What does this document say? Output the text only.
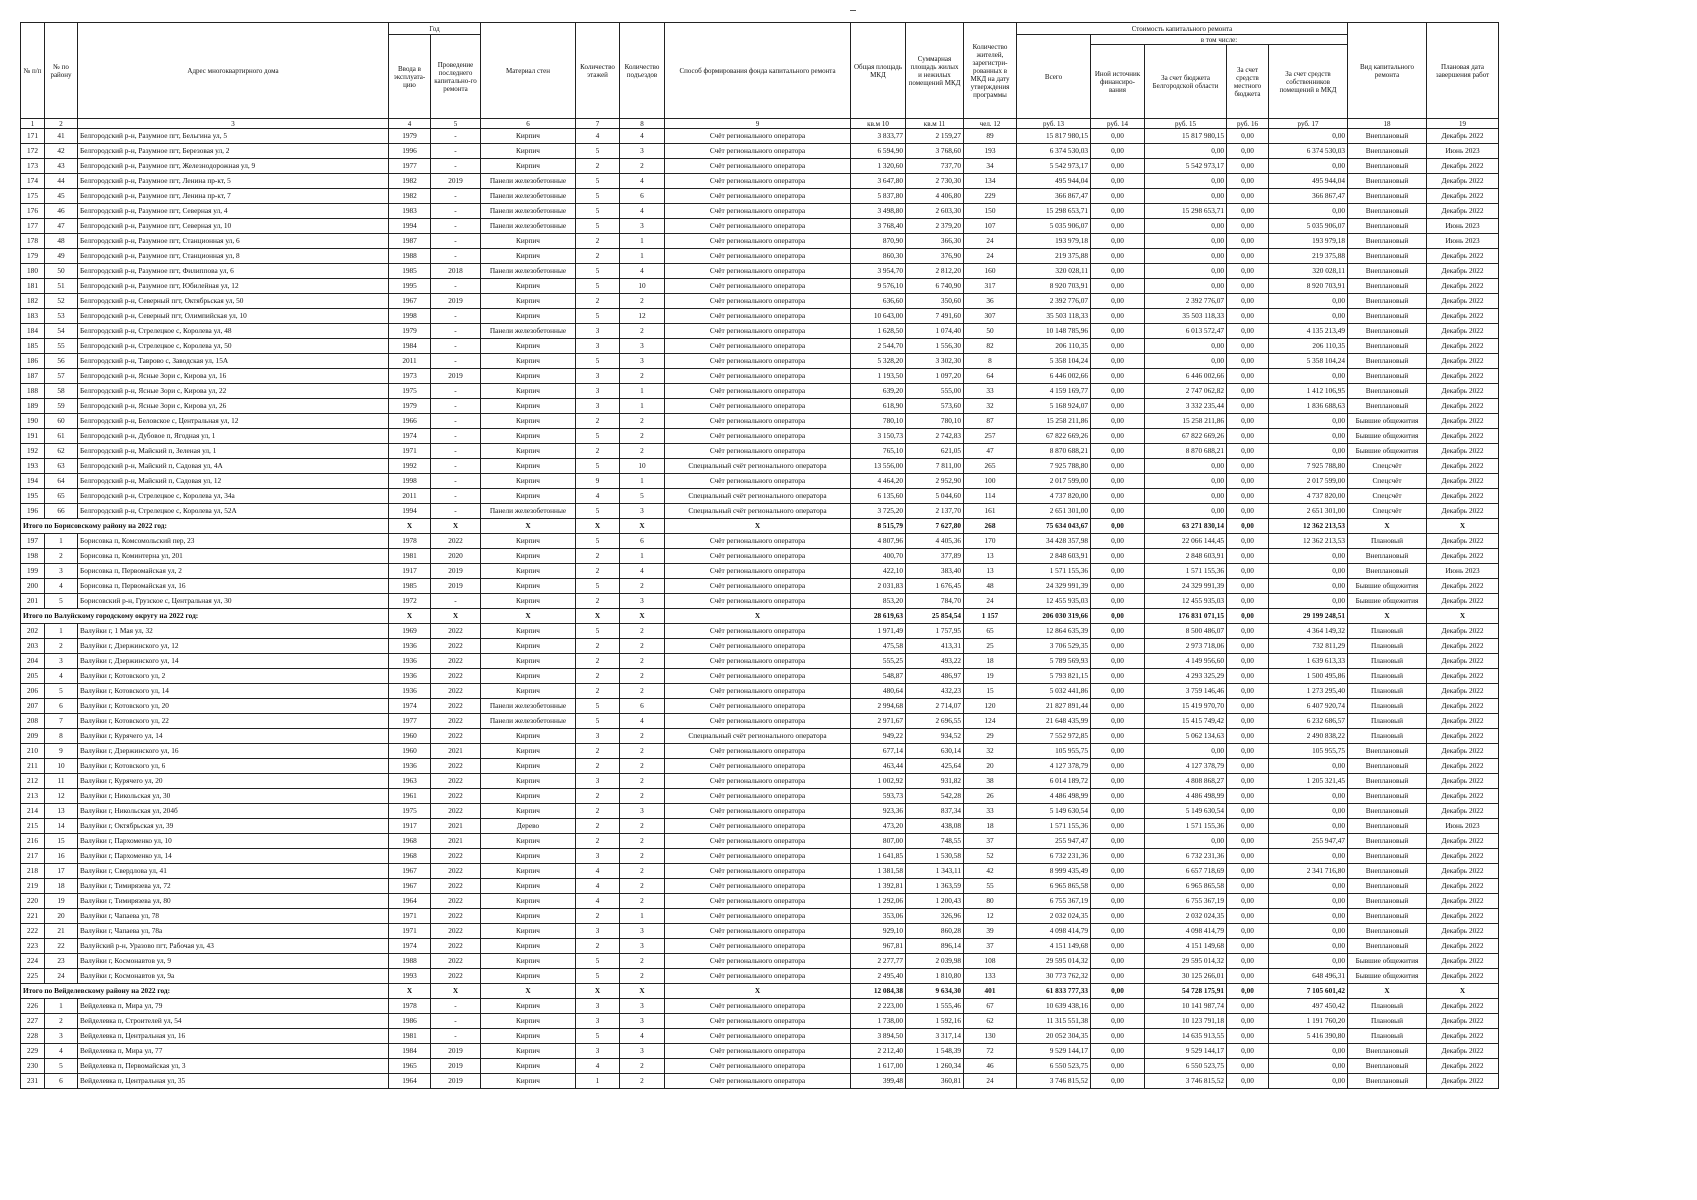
№ п/п	№ по району	Адрес многоквартирного дома	Год		Материал стен	Количество этажей	Количество подъездов	Способ формирования фонда капитального ремонта	Общая площадь МКД	Суммарная площадь жилых и нежилых помещений МКД	Количество жителей, зарегистри-рованных в МКД на дату утверждения программы	Стоимость капитального ремонта					Вид капитального ремонта	Плановая дата завершения работ
			Ввода в эксплуата-цию	Проведение последнего капитально-го ремонта								Всего	в том числе:					
													Иной источник финансиро-вания	За счет бюджета Белгородской области	За счет средств местного бюджета	За счет средств собственников помещений в МКД		
1	2	3	4	5	6	7	8	9	кв.м 10	кв.м 11	чел. 12	руб. 13	руб. 14	руб. 15	руб. 16	руб. 17	18	19
171	41	Белгородский р-н, Разумное пгт, Бельгина ул, 5	1979	-	Кирпич	4	4	Счёт регионального оператора	3 833,77	2 159,27	89	15 817 980,15	0,00	15 817 980,15	0,00	0,00	Внеплановый	Декабрь 2022
172	42	Белгородский р-н, Разумное пгт, Березовая ул, 2	1996	-	Кирпич	5	3	Счёт регионального оператора	6 594,90	3 768,60	193	6 374 530,03	0,00	0,00	0,00	6 374 530,03	Внеплановый	Июнь 2023
173	43	Белгородский р-н, Разумное пгт, Железнодорожная ул, 9	1977	-	Кирпич	2	2	Счёт регионального оператора	1 320,60	737,70	34	5 542 973,17	0,00	5 542 973,17	0,00	0,00	Внеплановый	Декабрь 2022
174	44	Белгородский р-н, Разумное пгт, Ленина пр-кт, 5	1982	2019	Панели железобетонные	5	4	Счёт регионального оператора	3 647,80	2 730,30	134	495 944,04	0,00	0,00	0,00	495 944,04	Внеплановый	Декабрь 2022
175	45	Белгородский р-н, Разумное пгт, Ленина пр-кт, 7	1982	-	Панели железобетонные	5	6	Счёт регионального оператора	5 837,80	4 406,80	229	366 867,47	0,00	0,00	0,00	366 867,47	Внеплановый	Декабрь 2022
176	46	Белгородский р-н, Разумное пгт, Северная ул, 4	1983	-	Панели железобетонные	5	4	Счёт регионального оператора	3 498,80	2 603,30	150	15 298 653,71	0,00	15 298 653,71	0,00	0,00	Внеплановый	Декабрь 2022
177	47	Белгородский р-н, Разумное пгт, Северная ул, 10	1994	-	Панели железобетонные	5	3	Счёт регионального оператора	3 768,40	2 379,20	107	5 035 906,07	0,00	0,00	0,00	5 035 906,07	Внеплановый	Июнь 2023
178	48	Белгородский р-н, Разумное пгт, Станционная ул, 6	1987	-	Кирпич	2	1	Счёт регионального оператора	870,90	366,30	24	193 979,18	0,00	0,00	0,00	193 979,18	Внеплановый	Июнь 2023
179	49	Белгородский р-н, Разумное пгт, Станционная ул, 8	1988	-	Кирпич	2	1	Счёт регионального оператора	860,30	376,90	24	219 375,88	0,00	0,00	0,00	219 375,88	Внеплановый	Декабрь 2022
180	50	Белгородский р-н, Разумное пгт, Филиппова ул, 6	1985	2018	Панели железобетонные	5	4	Счёт регионального оператора	3 954,70	2 812,20	160	320 028,11	0,00	0,00	0,00	320 028,11	Внеплановый	Декабрь 2022
181	51	Белгородский р-н, Разумное пгт, Юбилейная ул, 12	1995	-	Кирпич	5	10	Счёт регионального оператора	9 576,10	6 740,90	317	8 920 703,91	0,00	0,00	0,00	8 920 703,91	Внеплановый	Декабрь 2022
182	52	Белгородский р-н, Северный пгт, Октябрьская ул, 50	1967	2019	Кирпич	2	2	Счёт регионального оператора	636,60	350,60	36	2 392 776,07	0,00	2 392 776,07	0,00	0,00	Внеплановый	Декабрь 2022
183	53	Белгородский р-н, Северный пгт, Олимпийская ул, 10	1998	-	Кирпич	5	12	Счёт регионального оператора	10 643,00	7 491,60	307	35 503 118,33	0,00	35 503 118,33	0,00	0,00	Внеплановый	Декабрь 2022
184	54	Белгородский р-н, Стрелецкое с, Королева ул, 48	1979	-	Панели железобетонные	3	2	Счёт регионального оператора	1 628,50	1 074,40	50	10 148 785,96	0,00	6 013 572,47	0,00	4 135 213,49	Внеплановый	Декабрь 2022
185	55	Белгородский р-н, Стрелецкое с, Королева ул, 50	1984	-	Кирпич	3	3	Счёт регионального оператора	2 544,70	1 556,30	82	206 110,35	0,00	0,00	0,00	206 110,35	Внеплановый	Декабрь 2022
186	56	Белгородский р-н, Таврово с, Заводская ул, 15А	2011	-	Кирпич	5	3	Счёт регионального оператора	5 328,20	3 302,30	8	5 358 104,24	0,00	0,00	0,00	5 358 104,24	Внеплановый	Декабрь 2022
187	57	Белгородский р-н, Ясные Зори с, Кирова ул, 16	1973	2019	Кирпич	3	2	Счёт регионального оператора	1 193,50	1 097,20	64	6 446 002,66	0,00	6 446 002,66	0,00	0,00	Внеплановый	Декабрь 2022
188	58	Белгородский р-н, Ясные Зори с, Кирова ул, 22	1975	-	Кирпич	3	1	Счёт регионального оператора	639,20	555,00	33	4 159 169,77	0,00	2 747 062,82	0,00	1 412 106,95	Внеплановый	Декабрь 2022
189	59	Белгородский р-н, Ясные Зори с, Кирова ул, 26	1979	-	Кирпич	3	1	Счёт регионального оператора	618,90	573,60	32	5 168 924,07	0,00	3 332 235,44	0,00	1 836 688,63	Внеплановый	Декабрь 2022
190	60	Белгородский р-н, Беловское с, Центральная ул, 12	1966	-	Кирпич	2	2	Счёт регионального оператора	780,10	780,10	87	15 258 211,86	0,00	15 258 211,86	0,00	0,00	Бывшие общежития	Декабрь 2022
191	61	Белгородский р-н, Дубовое п, Ягодная ул, 1	1974	-	Кирпич	5	2	Счёт регионального оператора	3 150,73	2 742,83	257	67 822 669,26	0,00	67 822 669,26	0,00	0,00	Бывшие общежития	Декабрь 2022
192	62	Белгородский р-н, Майский п, Зеленая ул, 1	1971	-	Кирпич	2	2	Счёт регионального оператора	765,10	621,05	47	8 870 688,21	0,00	8 870 688,21	0,00	0,00	Бывшие общежития	Декабрь 2022
193	63	Белгородский р-н, Майский п, Садовая ул, 4А	1992	-	Кирпич	5	10	Специальный счёт регионального оператора	13 556,00	7 811,00	265	7 925 788,80	0,00	0,00	0,00	7 925 788,80	Спецсчёт	Декабрь 2022
194	64	Белгородский р-н, Майский п, Садовая ул, 12	1998	-	Кирпич	9	1	Счёт регионального оператора	4 464,20	2 952,90	100	2 017 599,00	0,00	0,00	0,00	2 017 599,00	Спецсчёт	Декабрь 2022
195	65	Белгородский р-н, Стрелецкое с, Королева ул, 34а	2011	-	Кирпич	4	5	Специальный счёт регионального оператора	6 135,60	5 044,60	114	4 737 820,00	0,00	0,00	0,00	4 737 820,00	Спецсчёт	Декабрь 2022
196	66	Белгородский р-н, Стрелецкое с, Королева ул, 52А	1994	-	Панели железобетонные	5	3	Специальный счёт регионального оператора	3 725,20	2 137,70	161	2 651 301,00	0,00	0,00	0,00	2 651 301,00	Спецсчёт	Декабрь 2022
Итого по Борисовскому району на 2022 год:			X	X	X	X	X	X	8 515,79	7 627,80	268	75 634 043,67	0,00	63 271 830,14	0,00	12 362 213,53	X	X
197	1	Борисовка п, Комсомольский пер, 23	1978	2022	Кирпич	5	6	Счёт регионального оператора	4 807,96	4 405,36	170	34 428 357,98	0,00	22 066 144,45	0,00	12 362 213,53	Плановый	Декабрь 2022
198	2	Борисовка п, Коминтерна ул, 201	1981	2020	Кирпич	2	1	Счёт регионального оператора	400,70	377,89	13	2 848 603,91	0,00	2 848 603,91	0,00	0,00	Внеплановый	Декабрь 2022
199	3	Борисовка п, Первомайская ул, 2	1917	2019	Кирпич	2	4	Счёт регионального оператора	422,10	383,40	13	1 571 155,36	0,00	1 571 155,36	0,00	0,00	Внеплановый	Июнь 2023
200	4	Борисовка п, Первомайская ул, 16	1985	2019	Кирпич	5	2	Счёт регионального оператора	2 031,83	1 676,45	48	24 329 991,39	0,00	24 329 991,39	0,00	0,00	Бывшие общежития	Декабрь 2022
201	5	Борисовский р-н, Грузское с, Центральная ул, 30	1972	-	Кирпич	2	3	Счёт регионального оператора	853,20	784,70	24	12 455 935,03	0,00	12 455 935,03	0,00	0,00	Бывшие общежития	Декабрь 2022
Итого по Валуйскому городскому округу на 2022 год:			X	X	X	X	X	X	28 619,63	25 854,54	1 157	206 030 319,66	0,00	176 831 071,15	0,00	29 199 248,51	X	X
202	1	Валуйки г, 1 Мая ул, 32	1969	2022	Кирпич	5	2	Счёт регионального оператора	1 971,49	1 757,95	65	12 864 635,39	0,00	8 500 486,07	0,00	4 364 149,32	Плановый	Декабрь 2022
203	2	Валуйки г, Дзержинского ул, 12	1936	2022	Кирпич	2	2	Счёт регионального оператора	475,58	413,31	25	3 706 529,35	0,00	2 973 718,06	0,00	732 811,29	Плановый	Декабрь 2022
204	3	Валуйки г, Дзержинского ул, 14	1936	2022	Кирпич	2	2	Счёт регионального оператора	555,25	493,22	18	5 789 569,93	0,00	4 149 956,60	0,00	1 639 613,33	Плановый	Декабрь 2022
205	4	Валуйки г, Котовского ул, 2	1936	2022	Кирпич	2	2	Счёт регионального оператора	548,87	486,97	19	5 793 821,15	0,00	4 293 325,29	0,00	1 500 495,86	Плановый	Декабрь 2022
206	5	Валуйки г, Котовского ул, 14	1936	2022	Кирпич	2	2	Счёт регионального оператора	480,64	432,23	15	5 032 441,86	0,00	3 759 146,46	0,00	1 273 295,40	Плановый	Декабрь 2022
207	6	Валуйки г, Котовского ул, 20	1974	2022	Панели железобетонные	5	6	Счёт регионального оператора	2 994,68	2 714,07	120	21 827 891,44	0,00	15 419 970,70	0,00	6 407 920,74	Плановый	Декабрь 2022
208	7	Валуйки г, Котовского ул, 22	1977	2022	Панели железобетонные	5	4	Счёт регионального оператора	2 971,67	2 696,55	124	21 648 435,99	0,00	15 415 749,42	0,00	6 232 686,57	Плановый	Декабрь 2022
209	8	Валуйки г, Курячего ул, 14	1960	2022	Кирпич	3	2	Специальный счёт регионального оператора	949,22	934,52	29	7 552 972,85	0,00	5 062 134,63	0,00	2 490 838,22	Плановый	Декабрь 2022
210	9	Валуйки г, Дзержинского ул, 16	1960	2021	Кирпич	2	2	Счёт регионального оператора	677,14	630,14	32	105 955,75	0,00	0,00	0,00	105 955,75	Внеплановый	Декабрь 2022
211	10	Валуйки г, Котовского ул, 6	1936	2022	Кирпич	2	2	Счёт регионального оператора	463,44	425,64	20	4 127 378,79	0,00	4 127 378,79	0,00	0,00	Внеплановый	Декабрь 2022
212	11	Валуйки г, Курячего ул, 20	1963	2022	Кирпич	3	2	Счёт регионального оператора	1 002,92	931,82	38	6 014 189,72	0,00	4 808 868,27	0,00	1 205 321,45	Внеплановый	Декабрь 2022
213	12	Валуйки г, Никольская ул, 30	1961	2022	Кирпич	2	2	Счёт регионального оператора	593,73	542,28	26	4 486 498,99	0,00	4 486 498,99	0,00	0,00	Внеплановый	Декабрь 2022
214	13	Валуйки г, Никольская ул, 204б	1975	2022	Кирпич	2	3	Счёт регионального оператора	923,36	837,34	33	5 149 630,54	0,00	5 149 630,54	0,00	0,00	Внеплановый	Декабрь 2022
215	14	Валуйки г, Октябрьская ул, 39	1917	2021	Дерево	2	2	Счёт регионального оператора	473,20	438,08	18	1 571 155,36	0,00	1 571 155,36	0,00	0,00	Внеплановый	Июнь 2023
216	15	Валуйки г, Пархоменко ул, 10	1968	2021	Кирпич	2	2	Счёт регионального оператора	807,00	748,55	37	255 947,47	0,00	0,00	0,00	255 947,47	Внеплановый	Декабрь 2022
217	16	Валуйки г, Пархоменко ул, 14	1968	2022	Кирпич	3	2	Счёт регионального оператора	1 641,85	1 530,58	52	6 732 231,36	0,00	6 732 231,36	0,00	0,00	Внеплановый	Декабрь 2022
218	17	Валуйки г, Свердлова ул, 41	1967	2022	Кирпич	4	2	Счёт регионального оператора	1 381,58	1 343,11	42	8 999 435,49	0,00	6 657 718,69	0,00	2 341 716,80	Внеплановый	Декабрь 2022
219	18	Валуйки г, Тимирязева ул, 72	1967	2022	Кирпич	4	2	Счёт регионального оператора	1 392,81	1 363,59	55	6 965 865,58	0,00	6 965 865,58	0,00	0,00	Внеплановый	Декабрь 2022
220	19	Валуйки г, Тимирязева ул, 80	1964	2022	Кирпич	4	2	Счёт регионального оператора	1 292,06	1 200,43	80	6 755 367,19	0,00	6 755 367,19	0,00	0,00	Внеплановый	Декабрь 2022
221	20	Валуйки г, Чапаева ул, 78	1971	2022	Кирпич	2	1	Счёт регионального оператора	353,06	326,96	12	2 032 024,35	0,00	2 032 024,35	0,00	0,00	Внеплановый	Декабрь 2022
222	21	Валуйки г, Чапаева ул, 78а	1971	2022	Кирпич	3	3	Счёт регионального оператора	929,10	860,28	39	4 098 414,79	0,00	4 098 414,79	0,00	0,00	Внеплановый	Декабрь 2022
223	22	Валуйский р-н, Уразово пгт, Рабочая ул, 43	1974	2022	Кирпич	2	3	Счёт регионального оператора	967,81	896,14	37	4 151 149,68	0,00	4 151 149,68	0,00	0,00	Внеплановый	Декабрь 2022
224	23	Валуйки г, Космонавтов ул, 9	1988	2022	Кирпич	5	2	Счёт регионального оператора	2 277,77	2 039,98	108	29 595 014,32	0,00	29 595 014,32	0,00	0,00	Бывшие общежития	Декабрь 2022
225	24	Валуйки г, Космонавтов ул, 9а	1993	2022	Кирпич	5	2	Счёт регионального оператора	2 495,40	1 810,80	133	30 773 762,32	0,00	30 125 266,01	0,00	648 496,31	Бывшие общежития	Декабрь 2022
Итого по Вейделевскому району на 2022 год:			X	X	X	X	X	X	12 084,38	9 634,30	401	61 833 777,33	0,00	54 728 175,91	0,00	7 105 601,42	X	X
226	1	Вейделевка п, Мира ул, 79	1978	-	Кирпич	3	3	Счёт регионального оператора	2 223,00	1 555,46	67	10 639 438,16	0,00	10 141 987,74	0,00	497 450,42	Плановый	Декабрь 2022
227	2	Вейделевка п, Строителей ул, 54	1986	-	Кирпич	3	3	Счёт регионального оператора	1 738,00	1 592,16	62	11 315 551,38	0,00	10 123 791,18	0,00	1 191 760,20	Плановый	Декабрь 2022
228	3	Вейделевка п, Центральная ул, 16	1981	-	Кирпич	5	4	Счёт регионального оператора	3 894,50	3 317,14	130	20 052 304,35	0,00	14 635 913,55	0,00	5 416 390,80	Плановый	Декабрь 2022
229	4	Вейделевка п, Мира ул, 77	1984	2019	Кирпич	3	3	Счёт регионального оператора	2 212,40	1 548,39	72	9 529 144,17	0,00	9 529 144,17	0,00	0,00	Внеплановый	Декабрь 2022
230	5	Вейделевка п, Первомайская ул, 3	1965	2019	Кирпич	4	2	Счёт регионального оператора	1 617,00	1 260,34	46	6 550 523,75	0,00	6 550 523,75	0,00	0,00	Внеплановый	Декабрь 2022
231	6	Вейделевка п, Центральная ул, 35	1964	2019	Кирпич	1	2	Счёт регионального оператора	399,48	360,81	24	3 746 815,52	0,00	3 746 815,52	0,00	0,00	Внеплановый	Декабрь 2022
